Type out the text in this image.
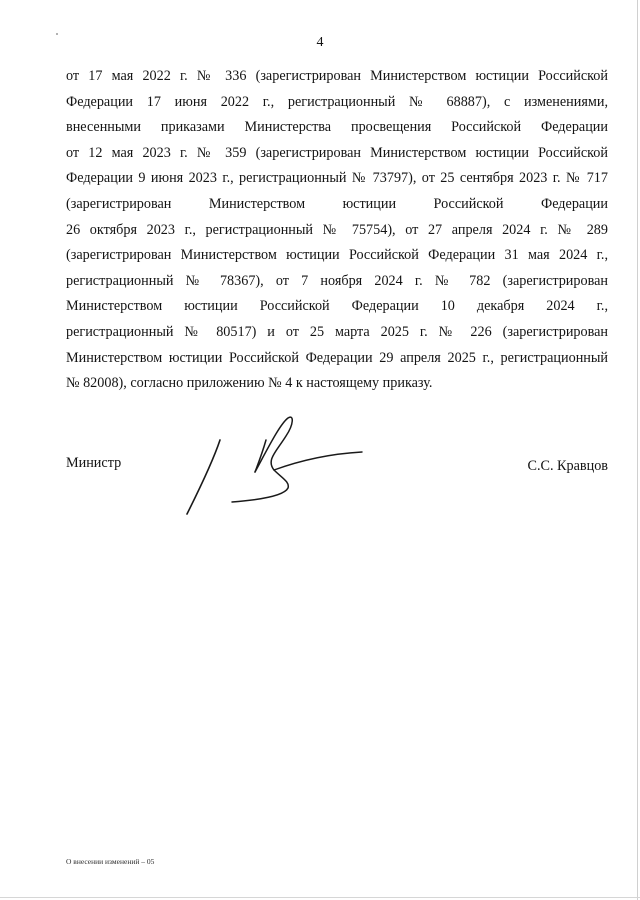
4
от 17 мая 2022 г. № 336 (зарегистрирован Министерством юстиции Российской
Федерации 17 июня 2022 г., регистрационный № 68887), с изменениями,
внесенными приказами Министерства просвещения Российской Федерации
от 12 мая 2023 г. № 359 (зарегистрирован Министерством юстиции Российской
Федерации 9 июня 2023 г., регистрационный № 73797), от 25 сентября 2023 г. № 717
(зарегистрирован Министерством юстиции Российской Федерации
26 октября 2023 г., регистрационный № 75754), от 27 апреля 2024 г. № 289
(зарегистрирован Министерством юстиции Российской Федерации 31 мая 2024 г.,
регистрационный № 78367), от 7 ноября 2024 г. № 782 (зарегистрирован
Министерством юстиции Российской Федерации 10 декабря 2024 г.,
регистрационный № 80517) и от 25 марта 2025 г. № 226 (зарегистрирован
Министерством юстиции Российской Федерации 29 апреля 2025 г., регистрационный
№ 82008), согласно приложению № 4 к настоящему приказу.
Министр	С.С. Кравцов
О внесении изменений – 05
